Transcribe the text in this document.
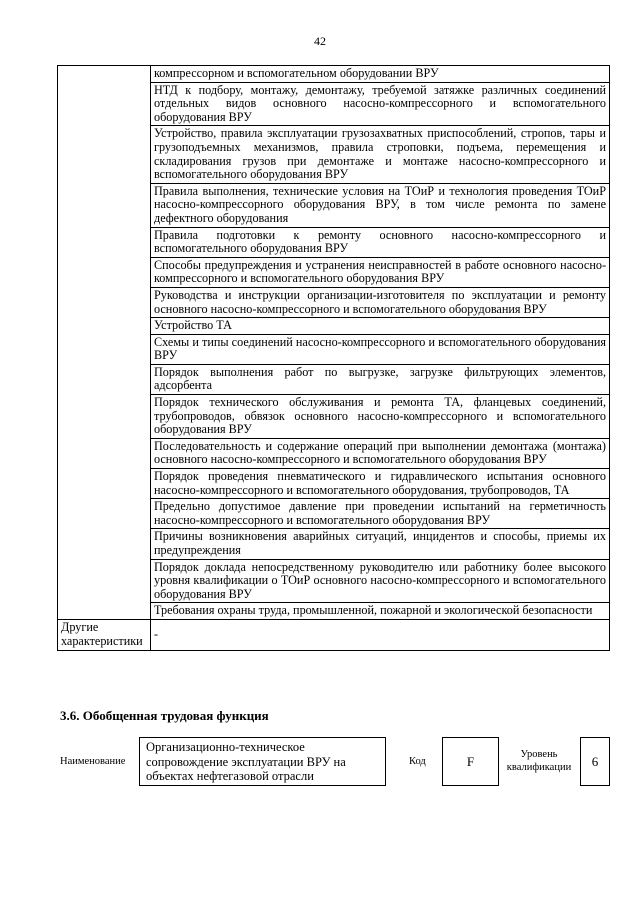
42
	компрессорном и вспомогательном оборудовании ВРУ
	НТД к подбору, монтажу, демонтажу, требуемой затяжке различных соединений отдельных видов основного насосно-компрессорного и вспомогательного оборудования ВРУ
	Устройство, правила эксплуатации грузозахватных приспособлений, стропов, тары и грузоподъемных механизмов, правила строповки, подъема, перемещения и складирования грузов при демонтаже и монтаже насосно-компрессорного и вспомогательного оборудования ВРУ
	Правила выполнения, технические условия на ТОиР и технология проведения ТОиР насосно-компрессорного оборудования ВРУ, в том числе ремонта по замене дефектного оборудования
	Правила подготовки к ремонту основного насосно-компрессорного и вспомогательного оборудования ВРУ
	Способы предупреждения и устранения неисправностей в работе основного насосно-компрессорного и вспомогательного оборудования ВРУ
	Руководства и инструкции организации-изготовителя по эксплуатации и ремонту основного насосно-компрессорного и вспомогательного оборудования ВРУ
	Устройство ТА
	Схемы и типы соединений насосно-компрессорного и вспомогательного оборудования ВРУ
	Порядок выполнения работ по выгрузке, загрузке фильтрующих элементов, адсорбента
	Порядок технического обслуживания и ремонта ТА, фланцевых соединений, трубопроводов, обвязок основного насосно-компрессорного и вспомогательного оборудования ВРУ
	Последовательность и содержание операций при выполнении демонтажа (монтажа) основного насосно-компрессорного и вспомогательного оборудования ВРУ
	Порядок проведения пневматического и гидравлического испытания основного насосно-компрессорного и вспомогательного оборудования, трубопроводов, ТА
	Предельно допустимое давление при проведении испытаний на герметичность насосно-компрессорного и вспомогательного оборудования ВРУ
	Причины возникновения аварийных ситуаций, инцидентов и способы, приемы их предупреждения
	Порядок доклада непосредственному руководителю или работнику более высокого уровня квалификации о ТОиР основного насосно-компрессорного и вспомогательного оборудования ВРУ
	Требования охраны труда, промышленной, пожарной и экологической безопасности
Другие характеристики	-
3.6. Обобщенная трудовая функция
Наименование
Организационно-техническое сопровождение эксплуатации ВРУ на объектах нефтегазовой отрасли
Код	F	Уровень квалификации	6
